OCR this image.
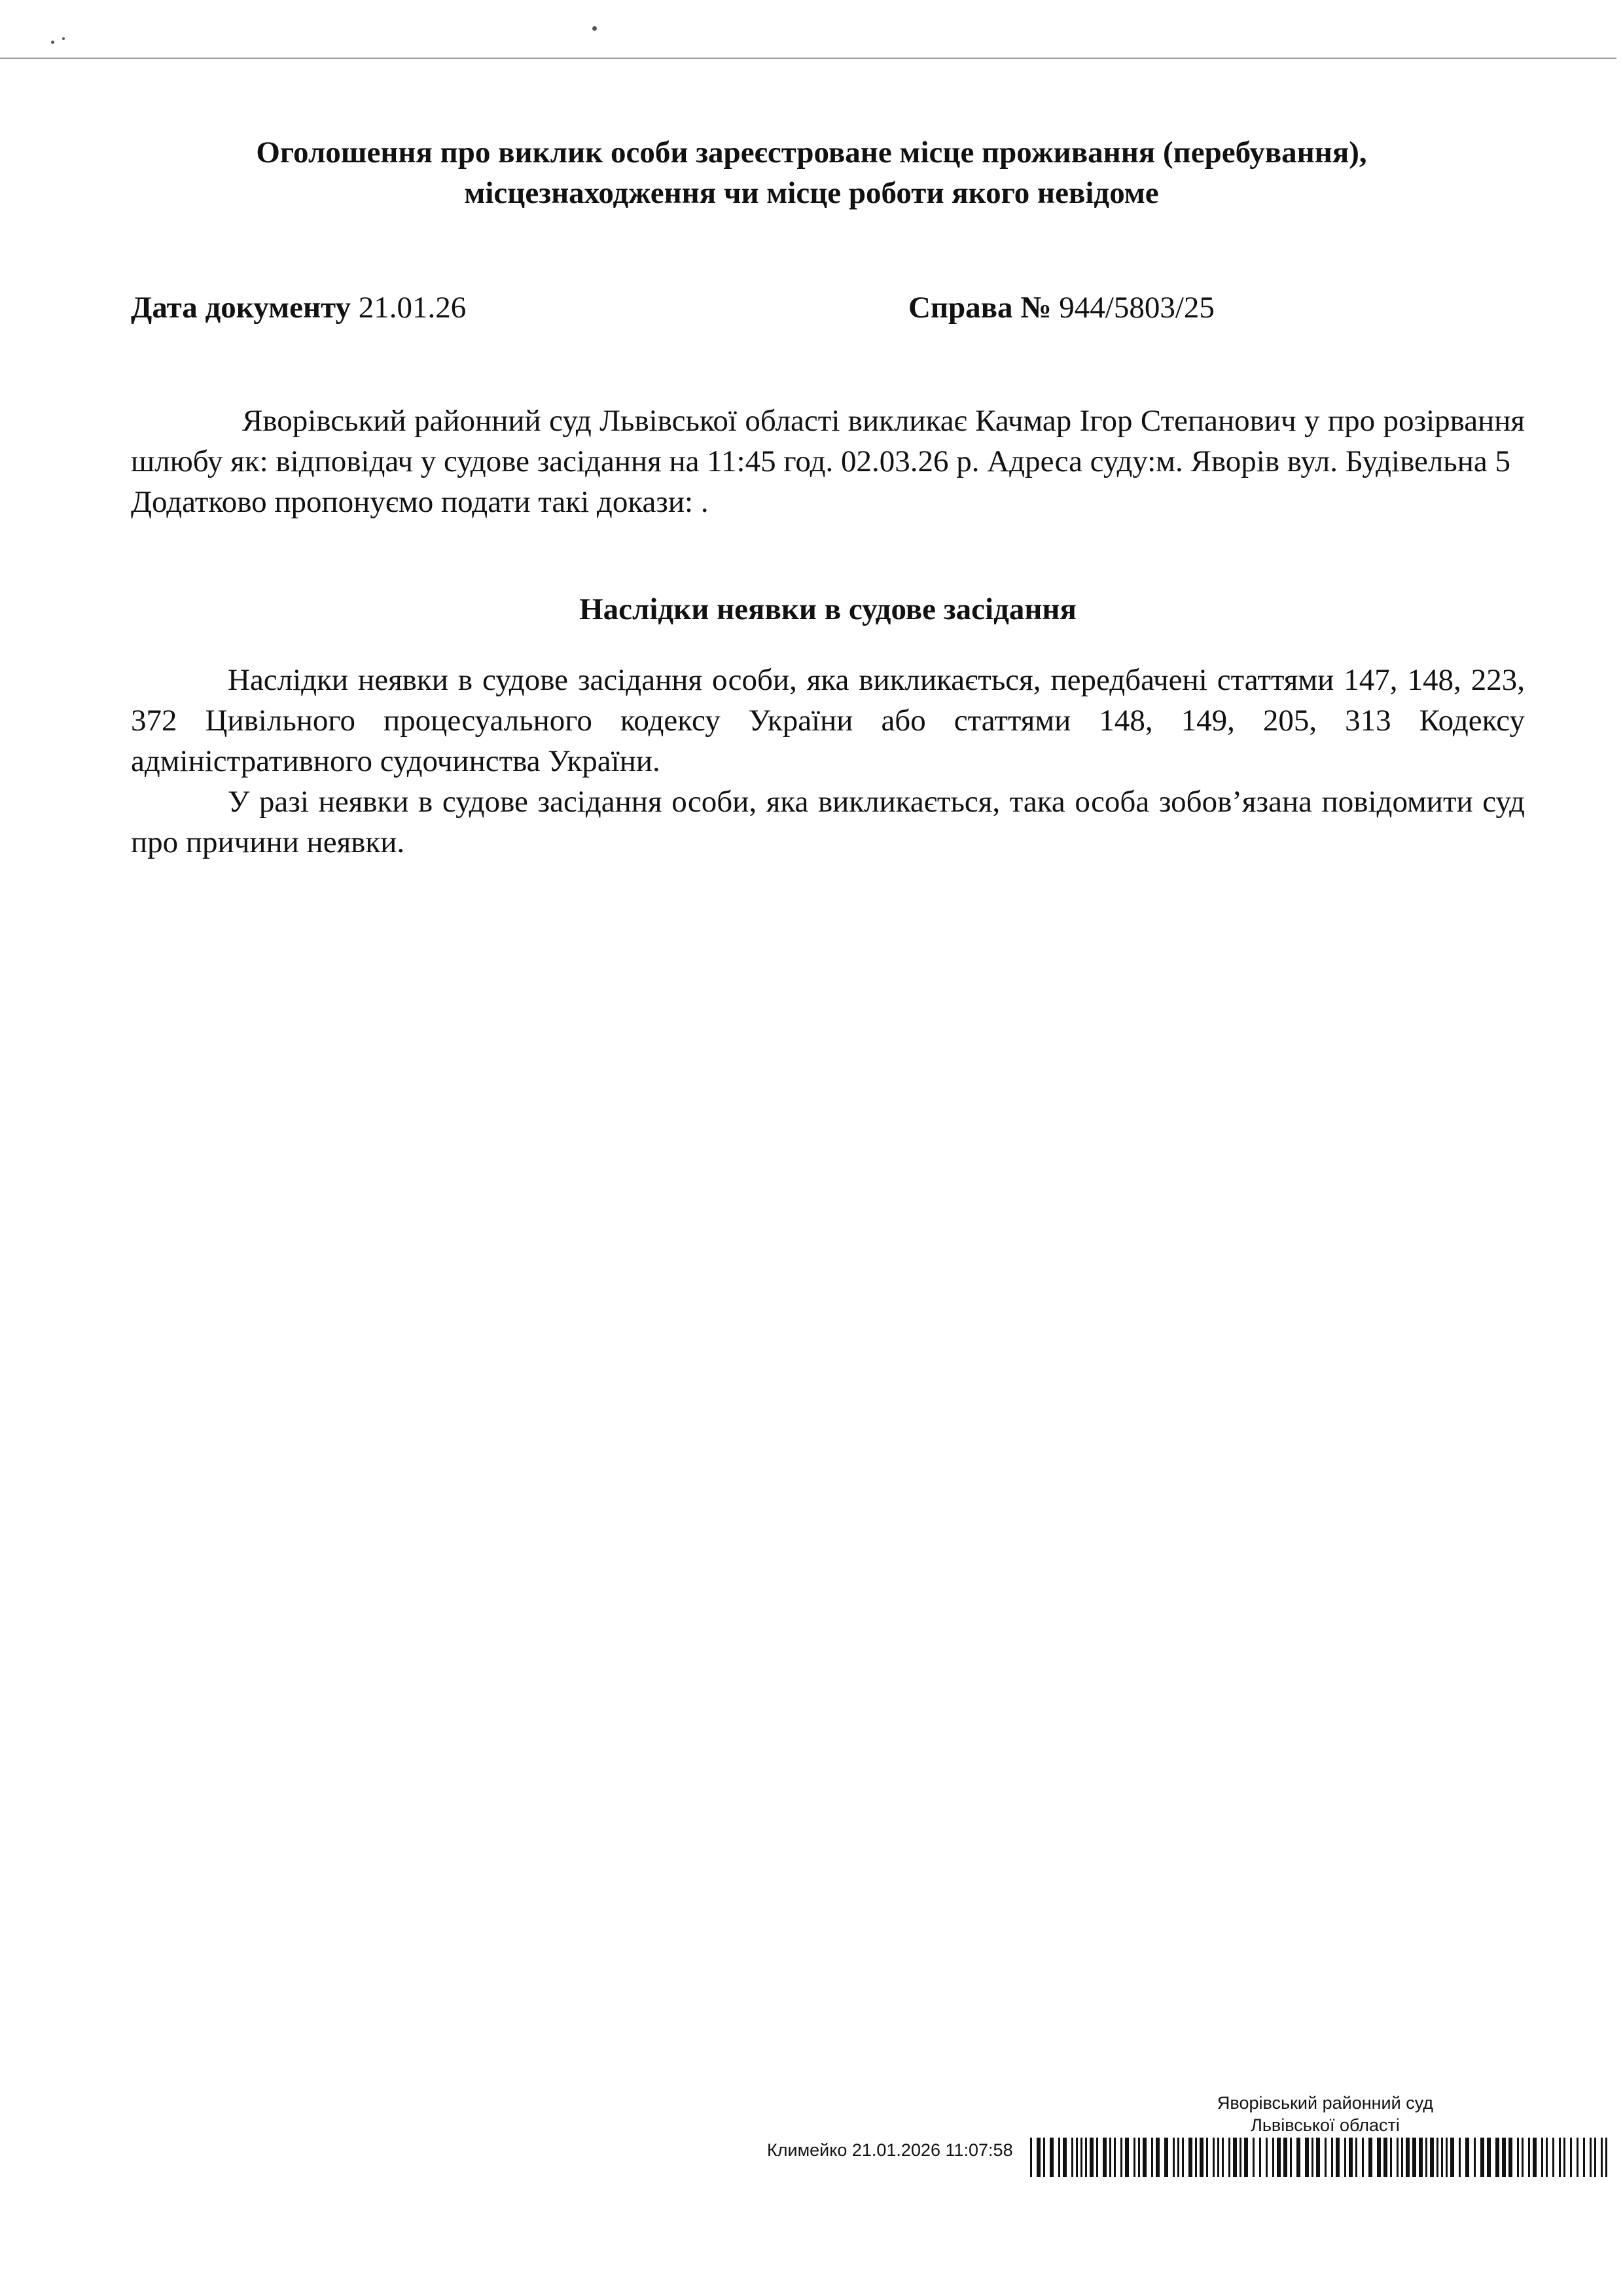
Оголошення про виклик особи зареєстроване місце проживання (перебування),
місцезнаходження чи місце роботи якого невідоме
Дата документу 21.01.26	Справа № 944/5803/25

Яворівський районний суд Львівської області викликає Качмар Ігор Степанович у про розірвання шлюбу як: відповідач у судове засідання на 11:45 год. 02.03.26 р. Адреса суду:м. Яворів вул. Будівельна 5

Додатково пропонуємо подати такі докази: .

Наслідки неявки в судове засідання

Наслідки неявки в судове засідання особи, яка викликається, передбачені статтями 147, 148, 223, 372 Цивільного процесуального кодексу України або статтями 148, 149, 205, 313 Кодексу адміністративного судочинства України.

У разі неявки в судове засідання особи, яка викликається, така особа зобов’язана повідомити суд про причини неявки.

Яворівський районний суд
Львівської області
Климейко 21.01.2026 11:07:58
